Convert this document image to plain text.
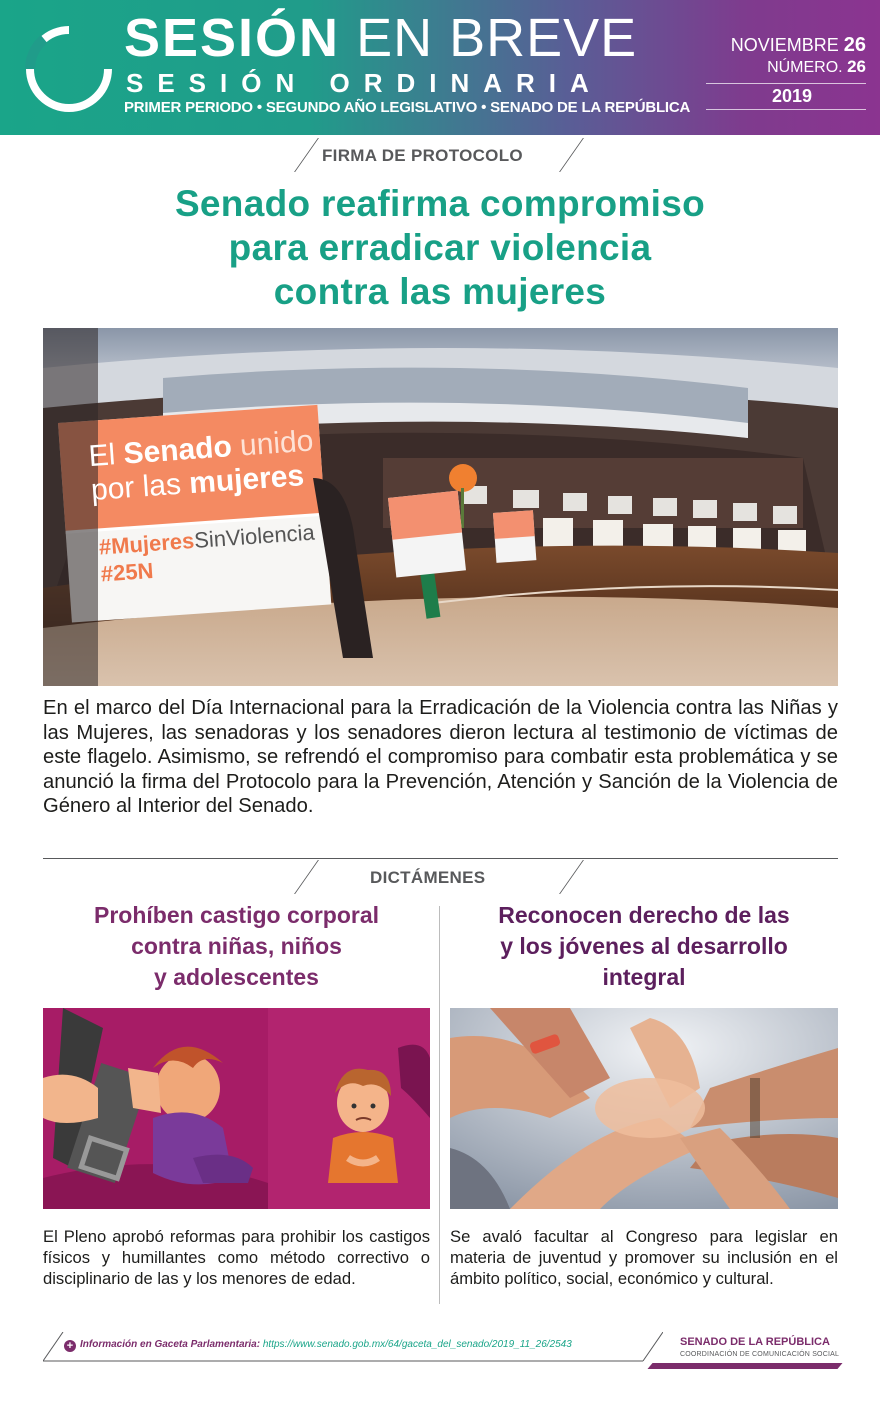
SESIÓN EN BREVE
SESIÓN ORDINARIA
PRIMER PERIODO • SEGUNDO AÑO LEGISLATIVO • SENADO DE LA REPÚBLICA
NOVIEMBRE 26
NÚMERO. 26
2019
FIRMA DE PROTOCOLO
Senado reafirma compromiso
para erradicar violencia
contra las mujeres
El Senado unido
por las mujeres
#MujeresSinViolencia
#25N
En el marco del Día Internacional para la Erradicación de la Violencia contra las Niñas y las Mujeres, las senadoras y los senadores dieron lectura al testimonio de víctimas de este flagelo. Asimismo, se refrendó el compromiso para combatir esta problemática y se anunció la firma del Protocolo para la Prevención, Atención y Sanción de la Violencia de Género al Interior del Senado.
DICTÁMENES
Prohíben castigo corporal
contra niñas, niños
y adolescentes
Reconocen derecho de las
y los jóvenes al desarrollo
integral
El Pleno aprobó reformas para prohibir los castigos físicos y humillantes como método correctivo o disciplinario de las y los menores de edad.
Se avaló facultar al Congreso para legislar en materia de juventud y promover su inclusión en el ámbito político, social, económico y cultural.
+ Información en Gaceta Parlamentaria: https://www.senado.gob.mx/64/gaceta_del_senado/2019_11_26/2543	SENADO DE LA REPÚBLICA
COORDINACIÓN DE COMUNICACIÓN SOCIAL
